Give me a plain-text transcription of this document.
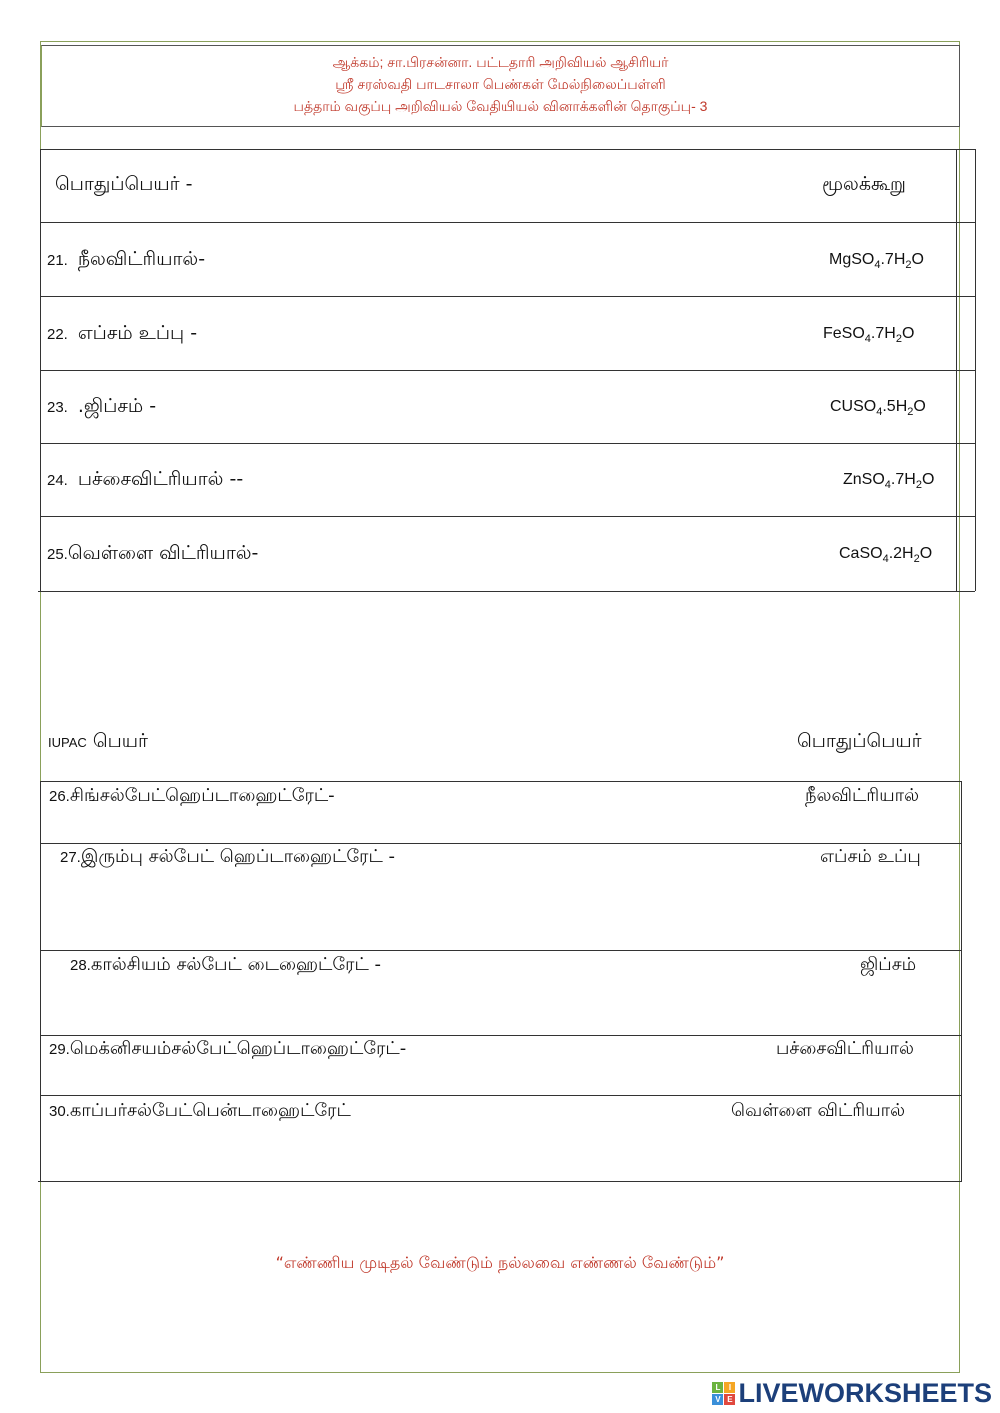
ஆக்கம்; சா.பிரசன்னா. பட்டதாரி அறிவியல் ஆசிரியர்
ஸ்ரீ சரஸ்வதி பாடசாலா பெண்கள் மேல்நிலைப்பள்ளி
பத்தாம் வகுப்பு அறிவியல் வேதியியல் வினாக்களின் தொகுப்பு- 3
பொதுப்பெயர் -	மூலக்கூறு
21. நீலவிட்ரியால்-	$MgSO_4.7H_2O$
22. எப்சம் உப்பு -	$FeSO_4.7H_2O$
23. .ஜிப்சம் -	$CUSO_4.5H_2O$
24. பச்சைவிட்ரியால் --	$ZnSO_4.7H_2O$
25.வெள்ளை விட்ரியால்-	$CaSO_4.2H_2O$
IUPAC பெயர்	பொதுப்பெயர்
26.சிங்சல்பேட்ஹெப்டாஹைட்ரேட்-	நீலவிட்ரியால்
27.இரும்பு சல்பேட் ஹெப்டாஹைட்ரேட் -	எப்சம் உப்பு
28.கால்சியம் சல்பேட் டைஹைட்ரேட் -	ஜிப்சம்
29.மெக்னிசயம்சல்பேட்ஹெப்டாஹைட்ரேட்-	பச்சைவிட்ரியால்
30.காப்பர்சல்பேட்பென்டாஹைட்ரேட்	வெள்ளை விட்ரியால்
“எண்ணிய முடிதல் வேண்டும் நல்லவை எண்ணல் வேண்டும்”
L	I
V E LIVEWORKSHEETS
